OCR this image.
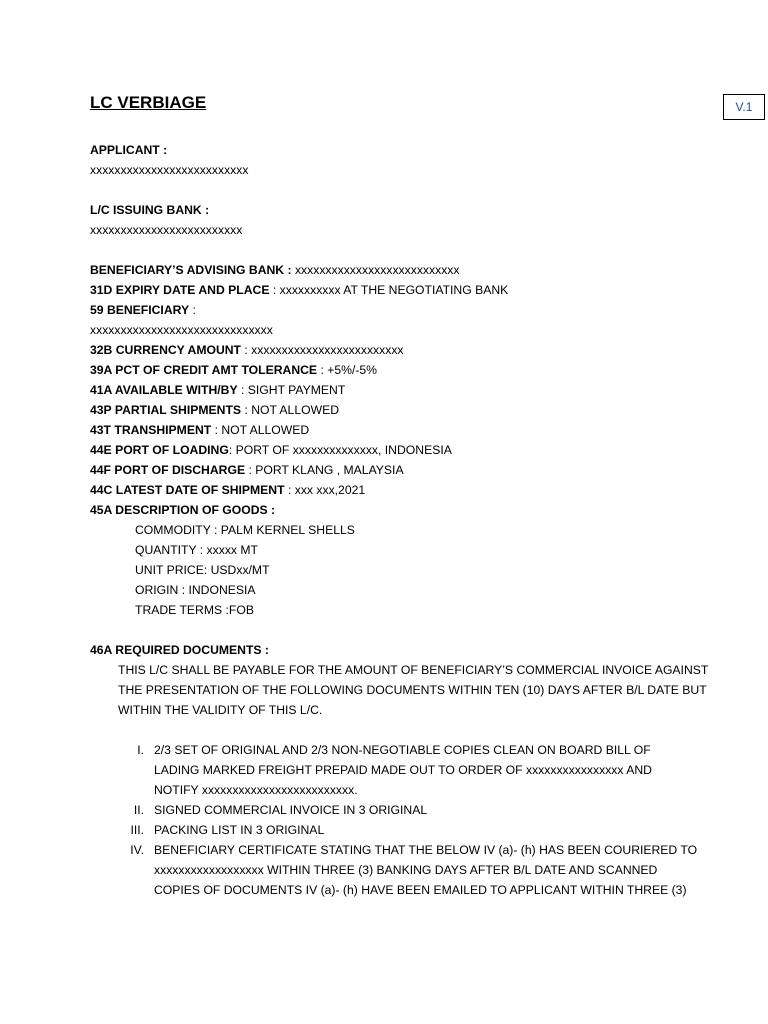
LC VERBIAGE	V.1
APPLICANT :
xxxxxxxxxxxxxxxxxxxxxxxxxx
L/C ISSUING BANK :
xxxxxxxxxxxxxxxxxxxxxxxxx
BENEFICIARY’S ADVISING BANK : xxxxxxxxxxxxxxxxxxxxxxxxxxx
31D EXPIRY DATE AND PLACE : xxxxxxxxxx AT THE NEGOTIATING BANK
59 BENEFICIARY :
xxxxxxxxxxxxxxxxxxxxxxxxxxxxxx
32B CURRENCY AMOUNT : xxxxxxxxxxxxxxxxxxxxxxxxx
39A PCT OF CREDIT AMT TOLERANCE : +5%/-5%
41A AVAILABLE WITH/BY : SIGHT PAYMENT
43P PARTIAL SHIPMENTS : NOT ALLOWED
43T TRANSHIPMENT : NOT ALLOWED
44E PORT OF LOADING: PORT OF xxxxxxxxxxxxxx, INDONESIA
44F PORT OF DISCHARGE : PORT KLANG , MALAYSIA
44C LATEST DATE OF SHIPMENT : xxx xxx,2021
45A DESCRIPTION OF GOODS :
COMMODITY : PALM KERNEL SHELLS
QUANTITY : xxxxx MT
UNIT PRICE: USDxx/MT
ORIGIN : INDONESIA
TRADE TERMS :FOB
46A REQUIRED DOCUMENTS :
THIS L/C SHALL BE PAYABLE FOR THE AMOUNT OF BENEFICIARY’S COMMERCIAL INVOICE AGAINST
THE PRESENTATION OF THE FOLLOWING DOCUMENTS WITHIN TEN (10) DAYS AFTER B/L DATE BUT
WITHIN THE VALIDITY OF THIS L/C.
I. 2/3 SET OF ORIGINAL AND 2/3 NON-NEGOTIABLE COPIES CLEAN ON BOARD BILL OF
LADING MARKED FREIGHT PREPAID MADE OUT TO ORDER OF xxxxxxxxxxxxxxxx AND
NOTIFY xxxxxxxxxxxxxxxxxxxxxxxxx.
II. SIGNED COMMERCIAL INVOICE IN 3 ORIGINAL
III. PACKING LIST IN 3 ORIGINAL
IV. BENEFICIARY CERTIFICATE STATING THAT THE BELOW IV (a)- (h) HAS BEEN COURIERED TO
xxxxxxxxxxxxxxxxxx WITHIN THREE (3) BANKING DAYS AFTER B/L DATE AND SCANNED
COPIES OF DOCUMENTS IV (a)- (h) HAVE BEEN EMAILED TO APPLICANT WITHIN THREE (3)
